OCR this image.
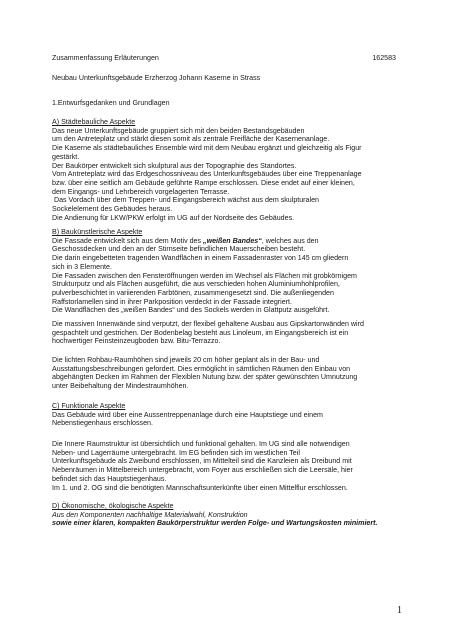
Zusammenfassung Erläuterungen	162583

Neubau Unterkunftsgebäude Erzherzog Johann Kaserne in Strass

1.Entwurfsgedanken und Grundlagen

A) Städtebauliche Aspekte

Das neue Unterkunftsgebäude gruppiert sich mit den beiden Bestandsgebäuden

um den Antreteplatz und stärkt diesen somit als zentrale Freifläche der Kasernenanlage.

Die Kaserne als städtebauliches Ensemble wird mit dem Neubau ergänzt und gleichzeitig als Figur

gestärkt.

Der Baukörper entwickelt sich skulptural aus der Topographie des Standortes.

Vom Antreteplatz wird das Erdgeschossniveau des Unterkunftsgebäudes über eine Treppenanlage

bzw. über eine seitlich am Gebäude geführte Rampe erschlossen. Diese endet auf einer kleinen,

dem Eingangs- und Lehrbereich vorgelagerten Terrasse.

Das Vordach über dem Treppen- und Eingangsbereich wächst aus dem skulpturalen

Sockelelement des Gebäudes heraus.

Die Andienung für LKW/PKW erfolgt im UG auf der Nordseite des Gebäudes.

B) Baukünstlerische Aspekte

Die Fassade entwickelt sich aus dem Motiv des „weißen Bandes“, welches aus den

Geschossdecken und den an der Stirnseite befindlichen Mauerscheiben besteht.

Die darin eingebetteten tragenden Wandflächen in einem Fassadenraster von 145 cm gliedern

sich in 3 Elemente.

Die Fassaden zwischen den Fensteröffnungen werden im Wechsel als Flächen mit grobkörnigem

Strukturputz und als Flächen ausgeführt, die aus verschieden hohen Aluminiumhohlprofilen,

pulverbeschichtet in variierenden Farbtönen, zusammengesetzt sind. Die außenliegenden

Raffstorlamellen sind in ihrer Parkposition verdeckt in der Fassade integriert.

Die Wandflächen des „weißen Bandes“ und des Sockels werden in Glattputz ausgeführt.

Die massiven Innenwände sind verputzt, der flexibel gehaltene Ausbau aus Gipskartonwänden wird

gespachtelt und gestrichen. Der Bodenbelag besteht aus Linoleum, im Eingangsbereich ist ein

hochwertiger Feinsteinzeugboden bzw. Bitu-Terrazzo.

Die lichten Rohbau-Raumhöhen sind jeweils 20 cm höher geplant als in der Bau- und

Ausstattungsbeschreibungen gefordert. Dies ermöglicht in sämtlichen Räumen den Einbau von

abgehängten Decken im Rahmen der Flexiblen Nutung bzw. der später gewünschten Umnutzung

unter Beibehaltung der Mindestraumhöhen.

C) Funktionale Aspekte

Das Gebäude wird über eine Aussentreppenanlage durch eine Hauptstiege und einem

Nebenstiegenhaus erschlossen.

Die Innere Raumstruktur ist übersichtlich und funktional gehalten. Im UG sind alle notwendigen

Neben- und Lagerräume untergebracht. Im EG befinden sich im westlichen Teil

Unterkunftsgebäude als Zweibund erschlossen, im Mittelteil sind die Kanzleien als Dreibund mit

Nebenräumen in Mittelbereich untergebracht, vom Foyer aus erschließen sich die Leersäle, hier

befindet sich das Hauptstiegenhaus.

Im 1. und 2. OG sind die benötigten Mannschaftsunterkünfte über einen Mittelflur erschlossen.

D) Ökonomische, ökologische Aspekte

Aus den Komponenten nachhaltige Materialwahl, Konstruktion

sowie einer klaren, kompakten Baukörperstruktur werden Folge- und Wartungskosten minimiert.

1
